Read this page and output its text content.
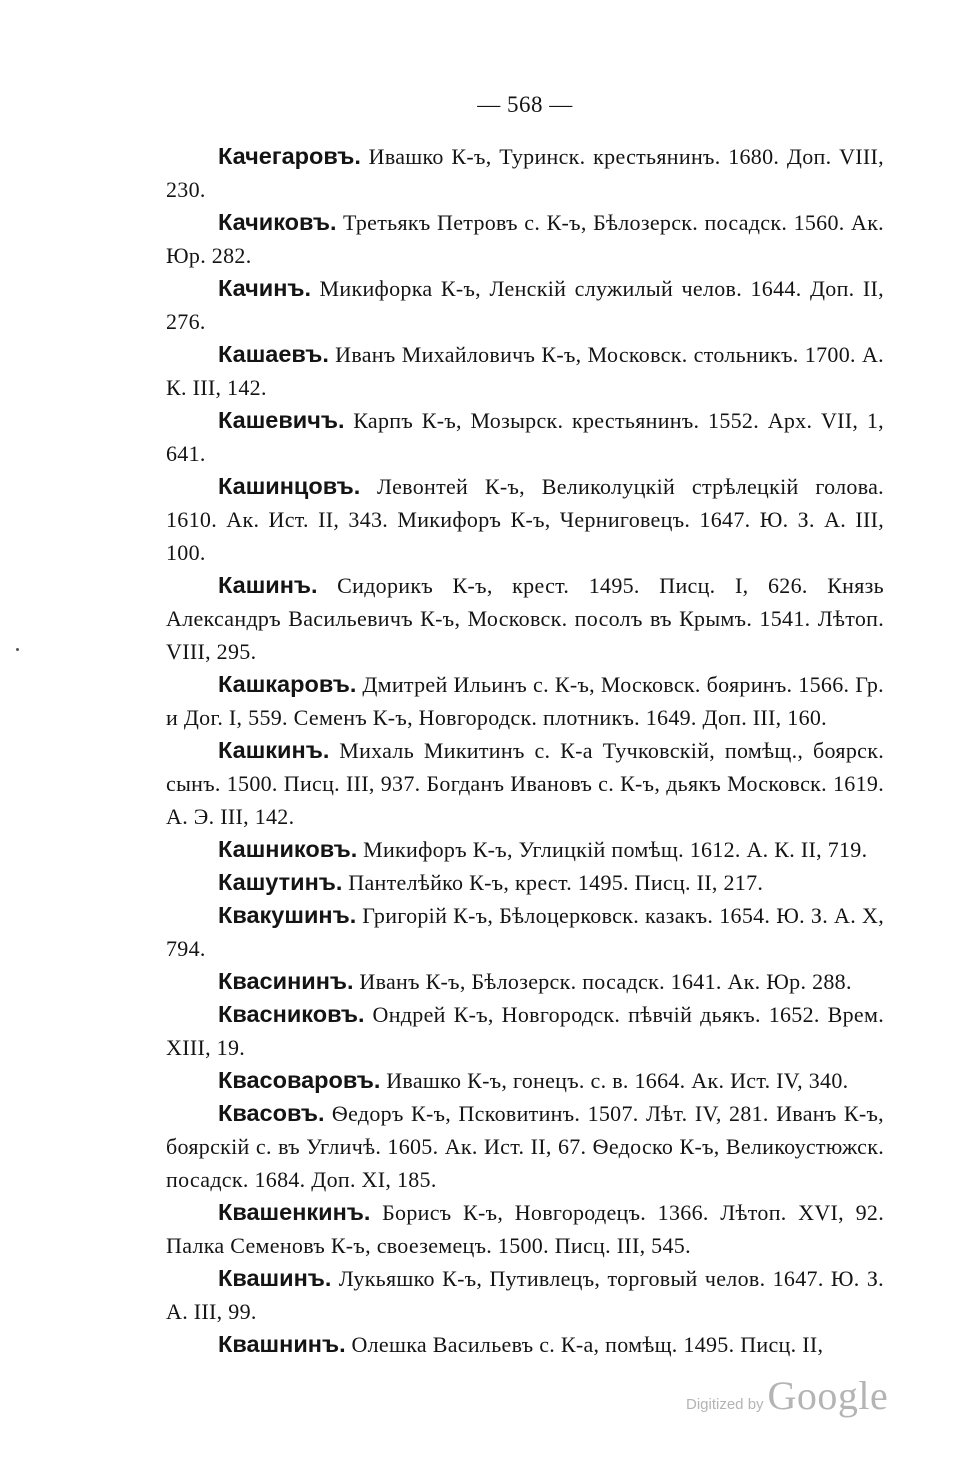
— 568 —

Качегаровъ. Ивашко К-ъ, Туринск. крестьянинъ. 1680. Доп. VIII, 230.

Качиковъ. Третьякъ Петровъ с. К-ъ, Бѣлозерск. посадск. 1560. Ак. Юр. 282.

Качинъ. Микифорка К-ъ, Ленскій служилый челов. 1644. Доп. II, 276.

Кашаевъ. Иванъ Михайловичъ К-ъ, Московск. стольникъ. 1700. А. К. III, 142.

Кашевичъ. Карпъ К-ъ, Мозырск. крестьянинъ. 1552. Арх. VII, 1, 641.

Кашинцовъ. Левонтей К-ъ, Великолуцкій стрѣлецкій голова. 1610. Ак. Ист. II, 343. Микифоръ К-ъ, Черниговецъ. 1647. Ю. З. А. III, 100.

Кашинъ. Сидорикъ К-ъ, крест. 1495. Писц. I, 626. Князь Александръ Васильевичъ К-ъ, Московск. посолъ въ Крымъ. 1541. Лѣтоп. VIII, 295.

Кашкаровъ. Дмитрей Ильинъ с. К-ъ, Московск. бояринъ. 1566. Гр. и Дог. I, 559. Семенъ К-ъ, Новгородск. плотникъ. 1649. Доп. III, 160.

Кашкинъ. Михаль Микитинъ с. К-а Тучковскій, помѣщ., боярск. сынъ. 1500. Писц. III, 937. Богданъ Ивановъ с. К-ъ, дьякъ Московск. 1619. А. Э. III, 142.

Кашниковъ. Микифоръ К-ъ, Углицкій помѣщ. 1612. А. К. II, 719.

Кашутинъ. Пантелѣйко К-ъ, крест. 1495. Писц. II, 217.

Квакушинъ. Григорій К-ъ, Бѣлоцерковск. казакъ. 1654. Ю. З. А. X, 794.

Квасининъ. Иванъ К-ъ, Бѣлозерск. посадск. 1641. Ак. Юр. 288.

Квасниковъ. Ондрей К-ъ, Новгородск. пѣвчій дьякъ. 1652. Врем. XIII, 19.

Квасоваровъ. Ивашко К-ъ, гонецъ. с. в. 1664. Ак. Ист. IV, 340.

Квасовъ. Ѳедоръ К-ъ, Псковитинъ. 1507. Лѣт. IV, 281. Иванъ К-ъ, боярскій с. въ Угличѣ. 1605. Ак. Ист. II, 67. Ѳедоско К-ъ, Великоустюжск. посадск. 1684. Доп. XI, 185.

Квашенкинъ. Борисъ К-ъ, Новгородецъ. 1366. Лѣтоп. XVI, 92. Палка Семеновъ К-ъ, своеземецъ. 1500. Писц. III, 545.

Квашинъ. Лукьяшко К-ъ, Путивлецъ, торговый челов. 1647. Ю. З. А. III, 99.

Квашнинъ. Олешка Васильевъ с. К-а, помѣщ. 1495. Писц. II,

Digitized by Google
